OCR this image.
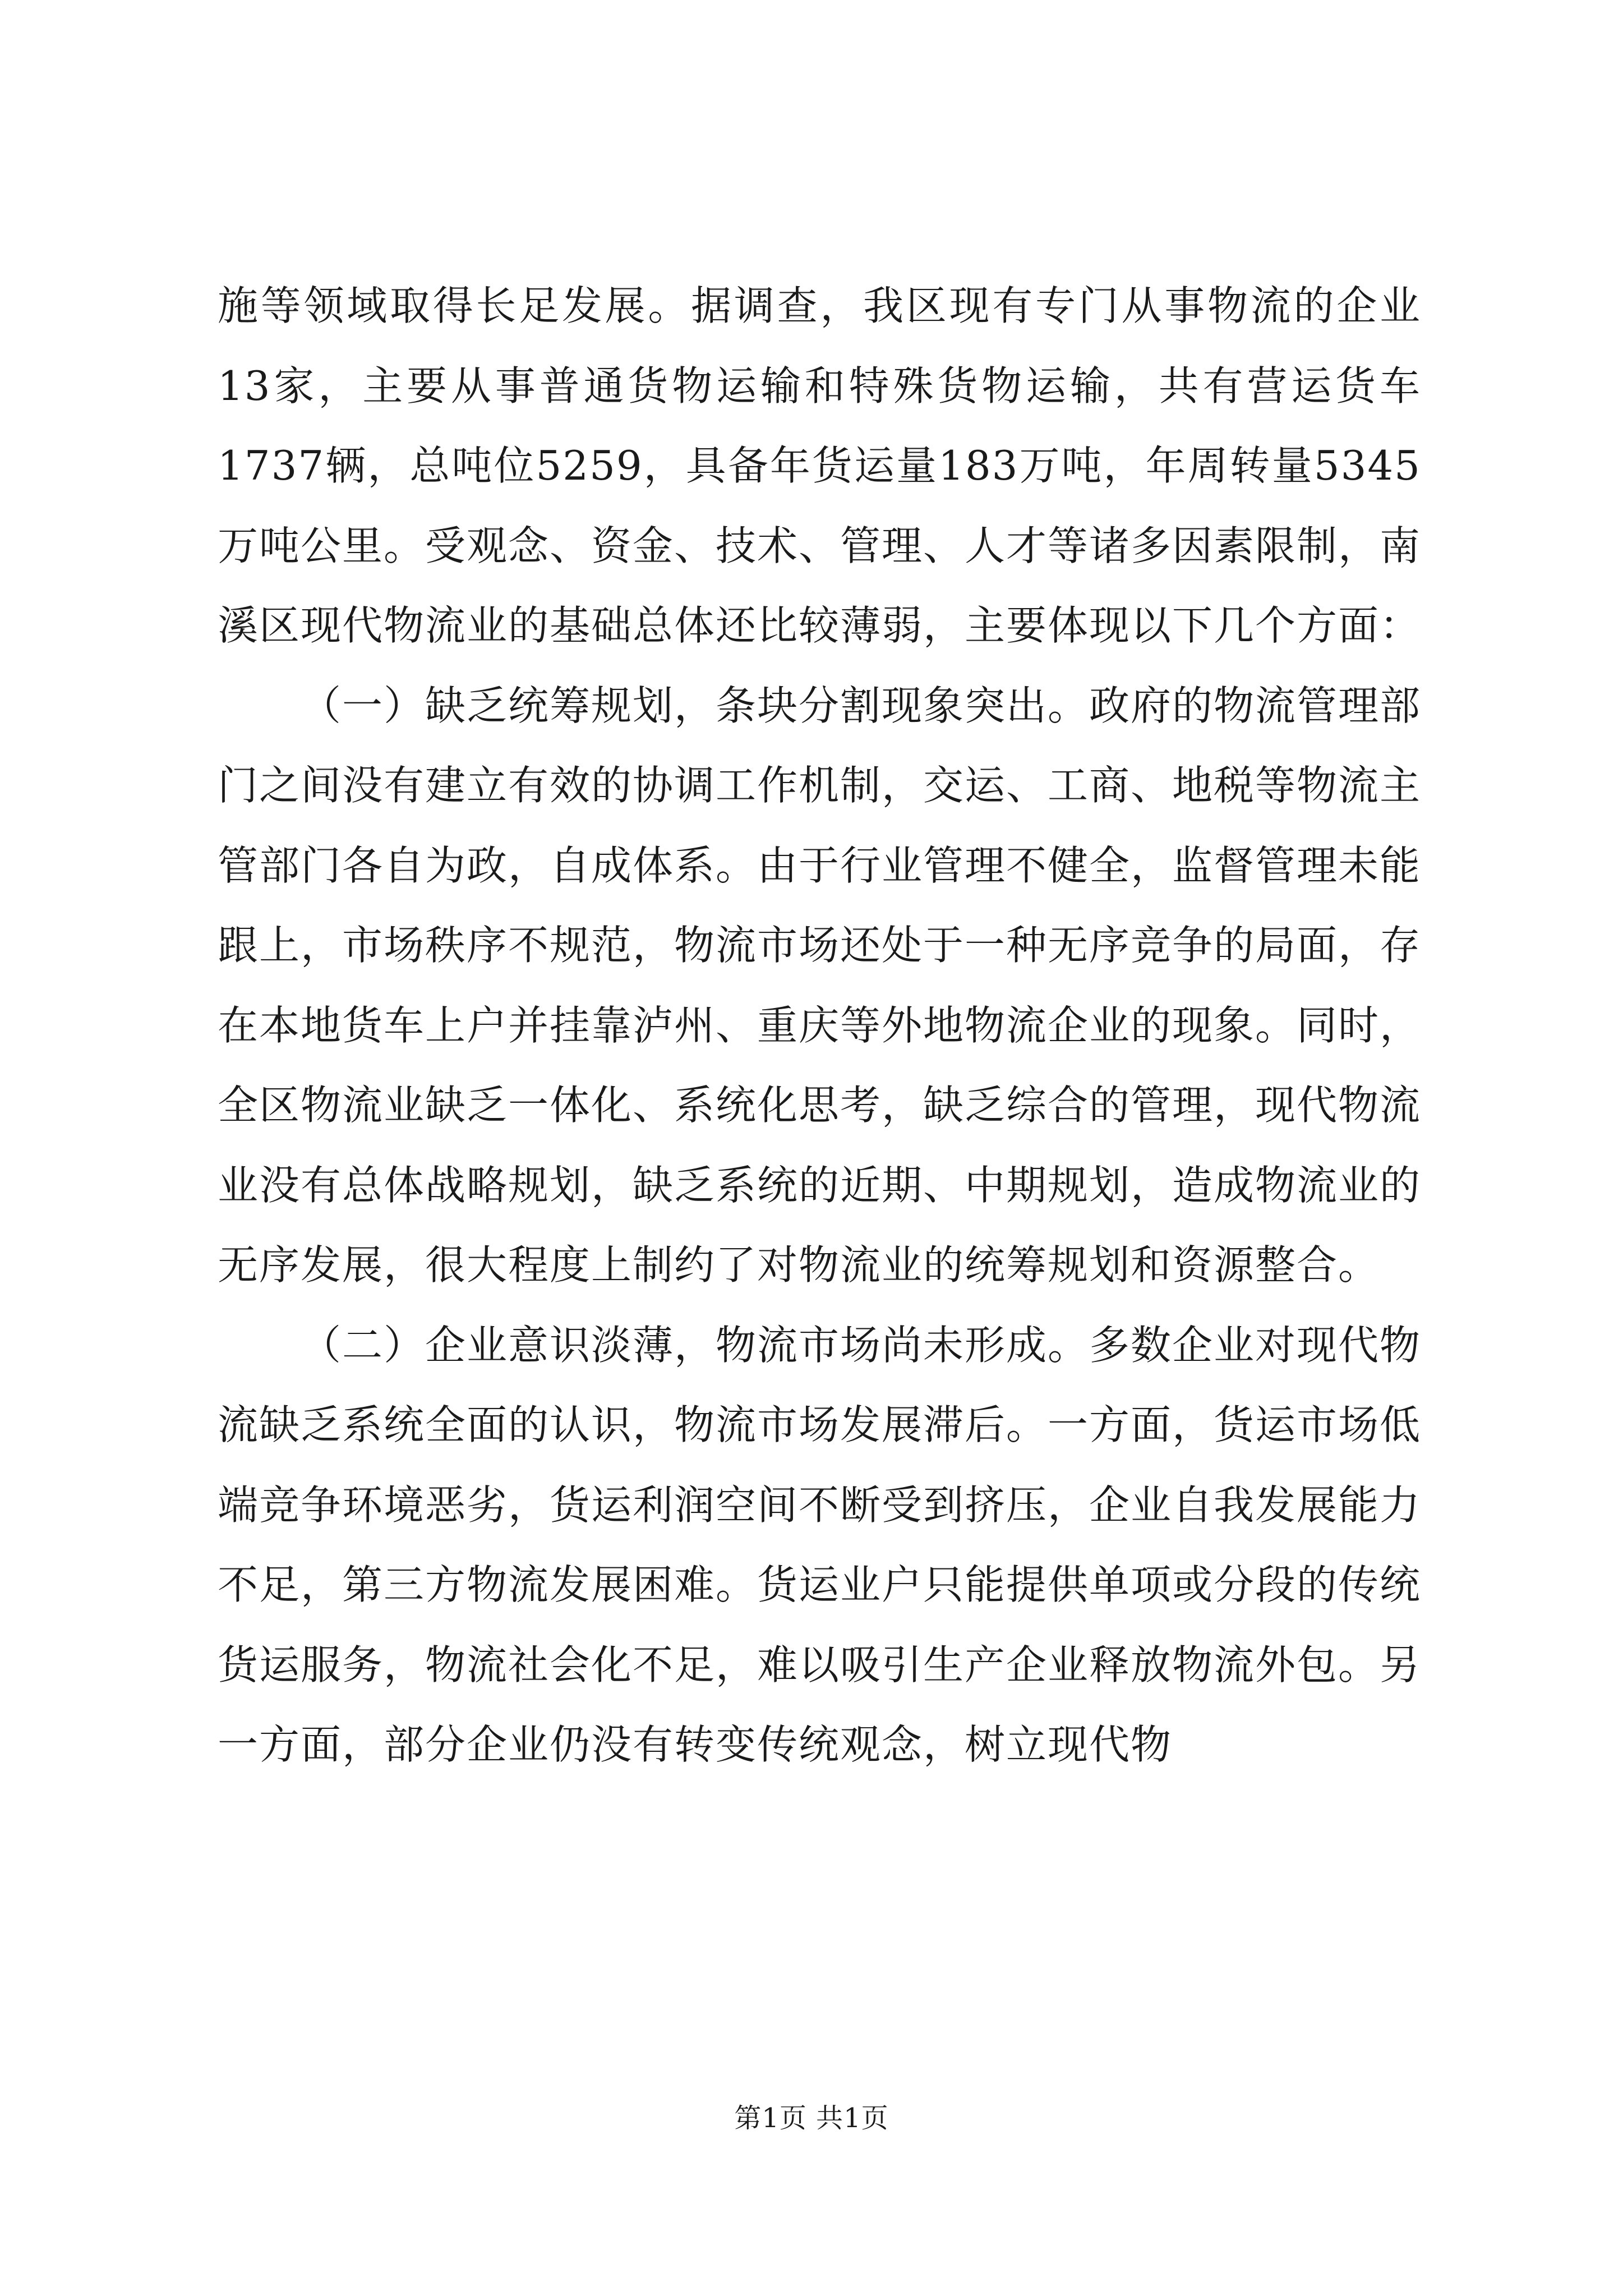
施等领域取得长足发展。据调查，我区现有专门从事物流的企业13家，主要从事普通货物运输和特殊货物运输，共有营运货车1737辆，总吨位5259，具备年货运量183万吨，年周转量5345万吨公里。受观念、资金、技术、管理、人才等诸多因素限制，南溪区现代物流业的基础总体还比较薄弱，主要体现以下几个方面：

（一）缺乏统筹规划，条块分割现象突出。政府的物流管理部门之间没有建立有效的协调工作机制，交运、工商、地税等物流主管部门各自为政，自成体系。由于行业管理不健全，监督管理未能跟上，市场秩序不规范，物流市场还处于一种无序竞争的局面，存在本地货车上户并挂靠泸州、重庆等外地物流企业的现象。同时，全区物流业缺乏一体化、系统化思考，缺乏综合的管理，现代物流业没有总体战略规划，缺乏系统的近期、中期规划，造成物流业的无序发展，很大程度上制约了对物流业的统筹规划和资源整合。

（二）企业意识淡薄，物流市场尚未形成。多数企业对现代物流缺乏系统全面的认识，物流市场发展滞后。一方面，货运市场低端竞争环境恶劣，货运利润空间不断受到挤压，企业自我发展能力不足，第三方物流发展困难。货运业户只能提供单项或分段的传统货运服务，物流社会化不足，难以吸引生产企业释放物流外包。另一方面，部分企业仍没有转变传统观念，树立现代物

第1页 共1页
